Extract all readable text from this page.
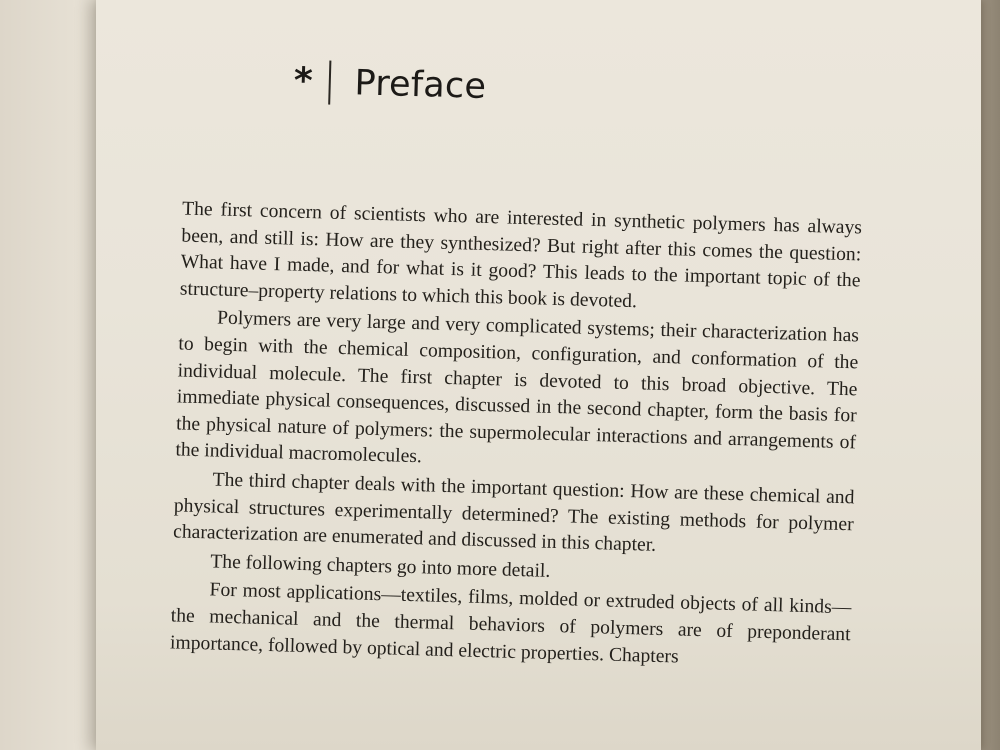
* Preface

The first concern of scientists who are interested in synthetic polymers has always been, and still is: How are they synthesized? But right after this comes the question: What have I made, and for what is it good? This leads to the important topic of the structure–property relations to which this book is devoted.

Polymers are very large and very complicated systems; their characterization has to begin with the chemical composition, configuration, and conformation of the individual molecule. The first chapter is devoted to this broad objective. The immediate physical consequences, discussed in the second chapter, form the basis for the physical nature of polymers: the supermolecular interactions and arrangements of the individual macromolecules.

The third chapter deals with the important question: How are these chemical and physical structures experimentally determined? The existing methods for polymer characterization are enumerated and discussed in this chapter.

The following chapters go into more detail.

For most applications—textiles, films, molded or extruded objects of all kinds—the mechanical and the thermal behaviors of polymers are of preponderant importance, followed by optical and electric properties. Chapters
